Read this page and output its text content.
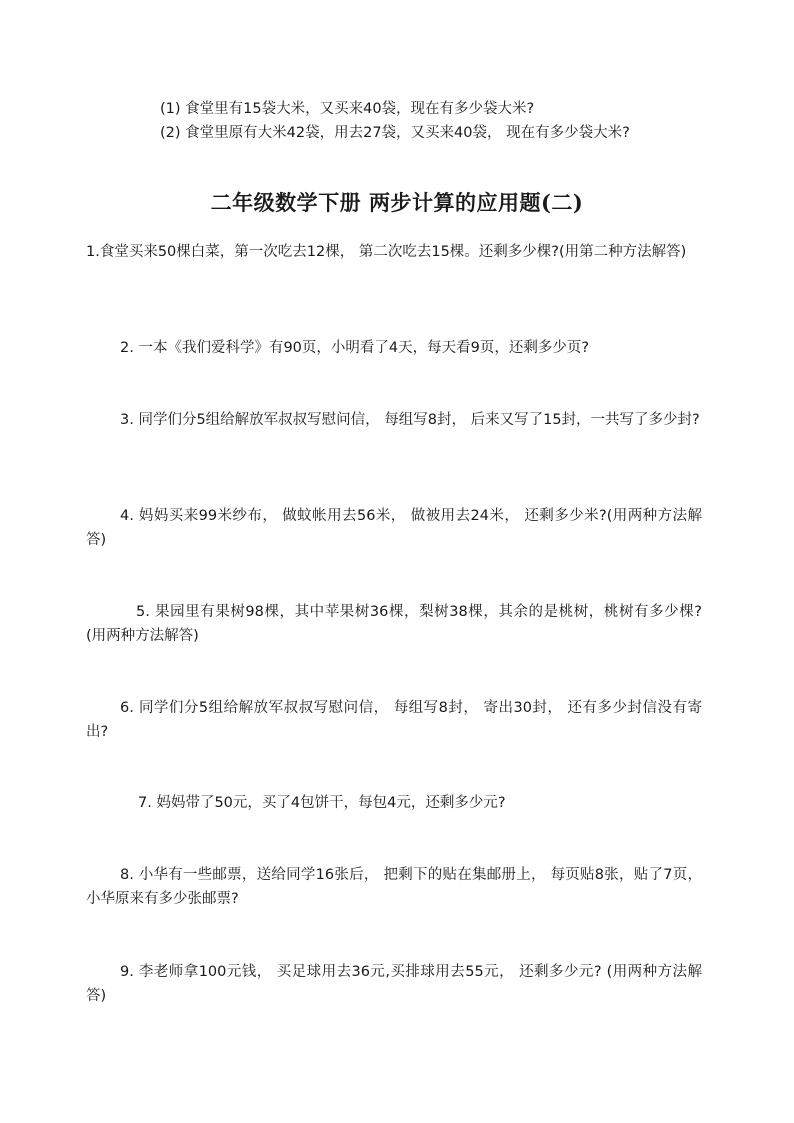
(1) 食堂里有15袋大米，又买来40袋，现在有多少袋大米?
(2) 食堂里原有大米42袋，用去27袋，又买来40袋， 现在有多少袋大米?
二年级数学下册 两步计算的应用题(二)
1.食堂买来50棵白菜，第一次吃去12棵， 第二次吃去15棵。还剩多少棵?(用第二种方法解答)
2. 一本《我们爱科学》有90页，小明看了4天，每天看9页，还剩多少页?
3. 同学们分5组给解放军叔叔写慰问信， 每组写8封， 后来又写了15封，一共写了多少封?
4. 妈妈买来99米纱布， 做蚊帐用去56米， 做被用去24米， 还剩多少米?(用两种方法解答)
5. 果园里有果树98棵，其中苹果树36棵，梨树38棵，其余的是桃树，桃树有多少棵? (用两种方法解答)
6. 同学们分5组给解放军叔叔写慰问信， 每组写8封， 寄出30封， 还有多少封信没有寄出?
7. 妈妈带了50元，买了4包饼干，每包4元，还剩多少元?
8. 小华有一些邮票，送给同学16张后， 把剩下的贴在集邮册上， 每页贴8张，贴了7页，小华原来有多少张邮票?
9. 李老师拿100元钱， 买足球用去36元,买排球用去55元， 还剩多少元? (用两种方法解答)
